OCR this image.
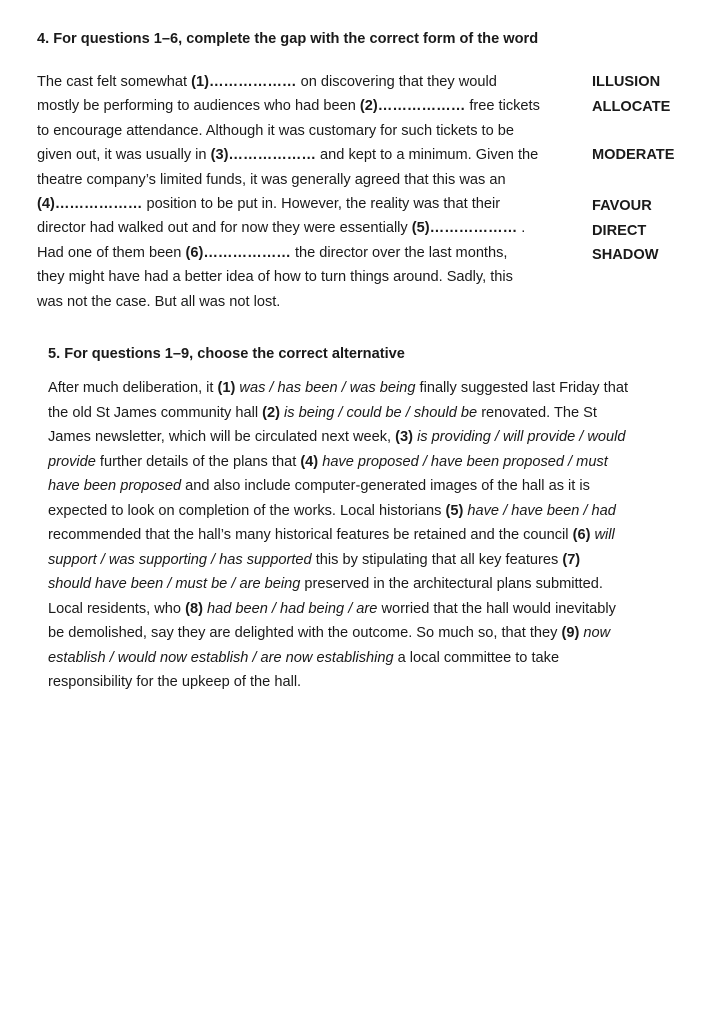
4. For questions 1–6, complete the gap with the correct form of the word
The cast felt somewhat (1)……………… on discovering that they would
mostly be performing to audiences who had been (2)……………… free tickets
to encourage attendance. Although it was customary for such tickets to be
given out, it was usually in (3)……………… and kept to a minimum. Given the
theatre company’s limited funds, it was generally agreed that this was an
(4)……………… position to be put in. However, the reality was that their
director had walked out and for now they were essentially (5)……………… .
Had one of them been (6)……………… the director over the last months,
they might have had a better idea of how to turn things around. Sadly, this
was not the case. But all was not lost.
ILLUSION
ALLOCATE
MODERATE
FAVOUR
DIRECT
SHADOW
5. For questions 1–9, choose the correct alternative
After much deliberation, it (1) was / has been / was being finally suggested last Friday that
the old St James community hall (2) is being / could be / should be renovated. The St
James newsletter, which will be circulated next week, (3) is providing / will provide / would
provide further details of the plans that (4) have proposed / have been proposed / must
have been proposed and also include computer-generated images of the hall as it is
expected to look on completion of the works. Local historians (5) have / have been / had
recommended that the hall’s many historical features be retained and the council (6) will
support / was supporting / has supported this by stipulating that all key features (7)
should have been / must be / are being preserved in the architectural plans submitted.
Local residents, who (8) had been / had being / are worried that the hall would inevitably
be demolished, say they are delighted with the outcome. So much so, that they (9) now
establish / would now establish / are now establishing a local committee to take
responsibility for the upkeep of the hall.
